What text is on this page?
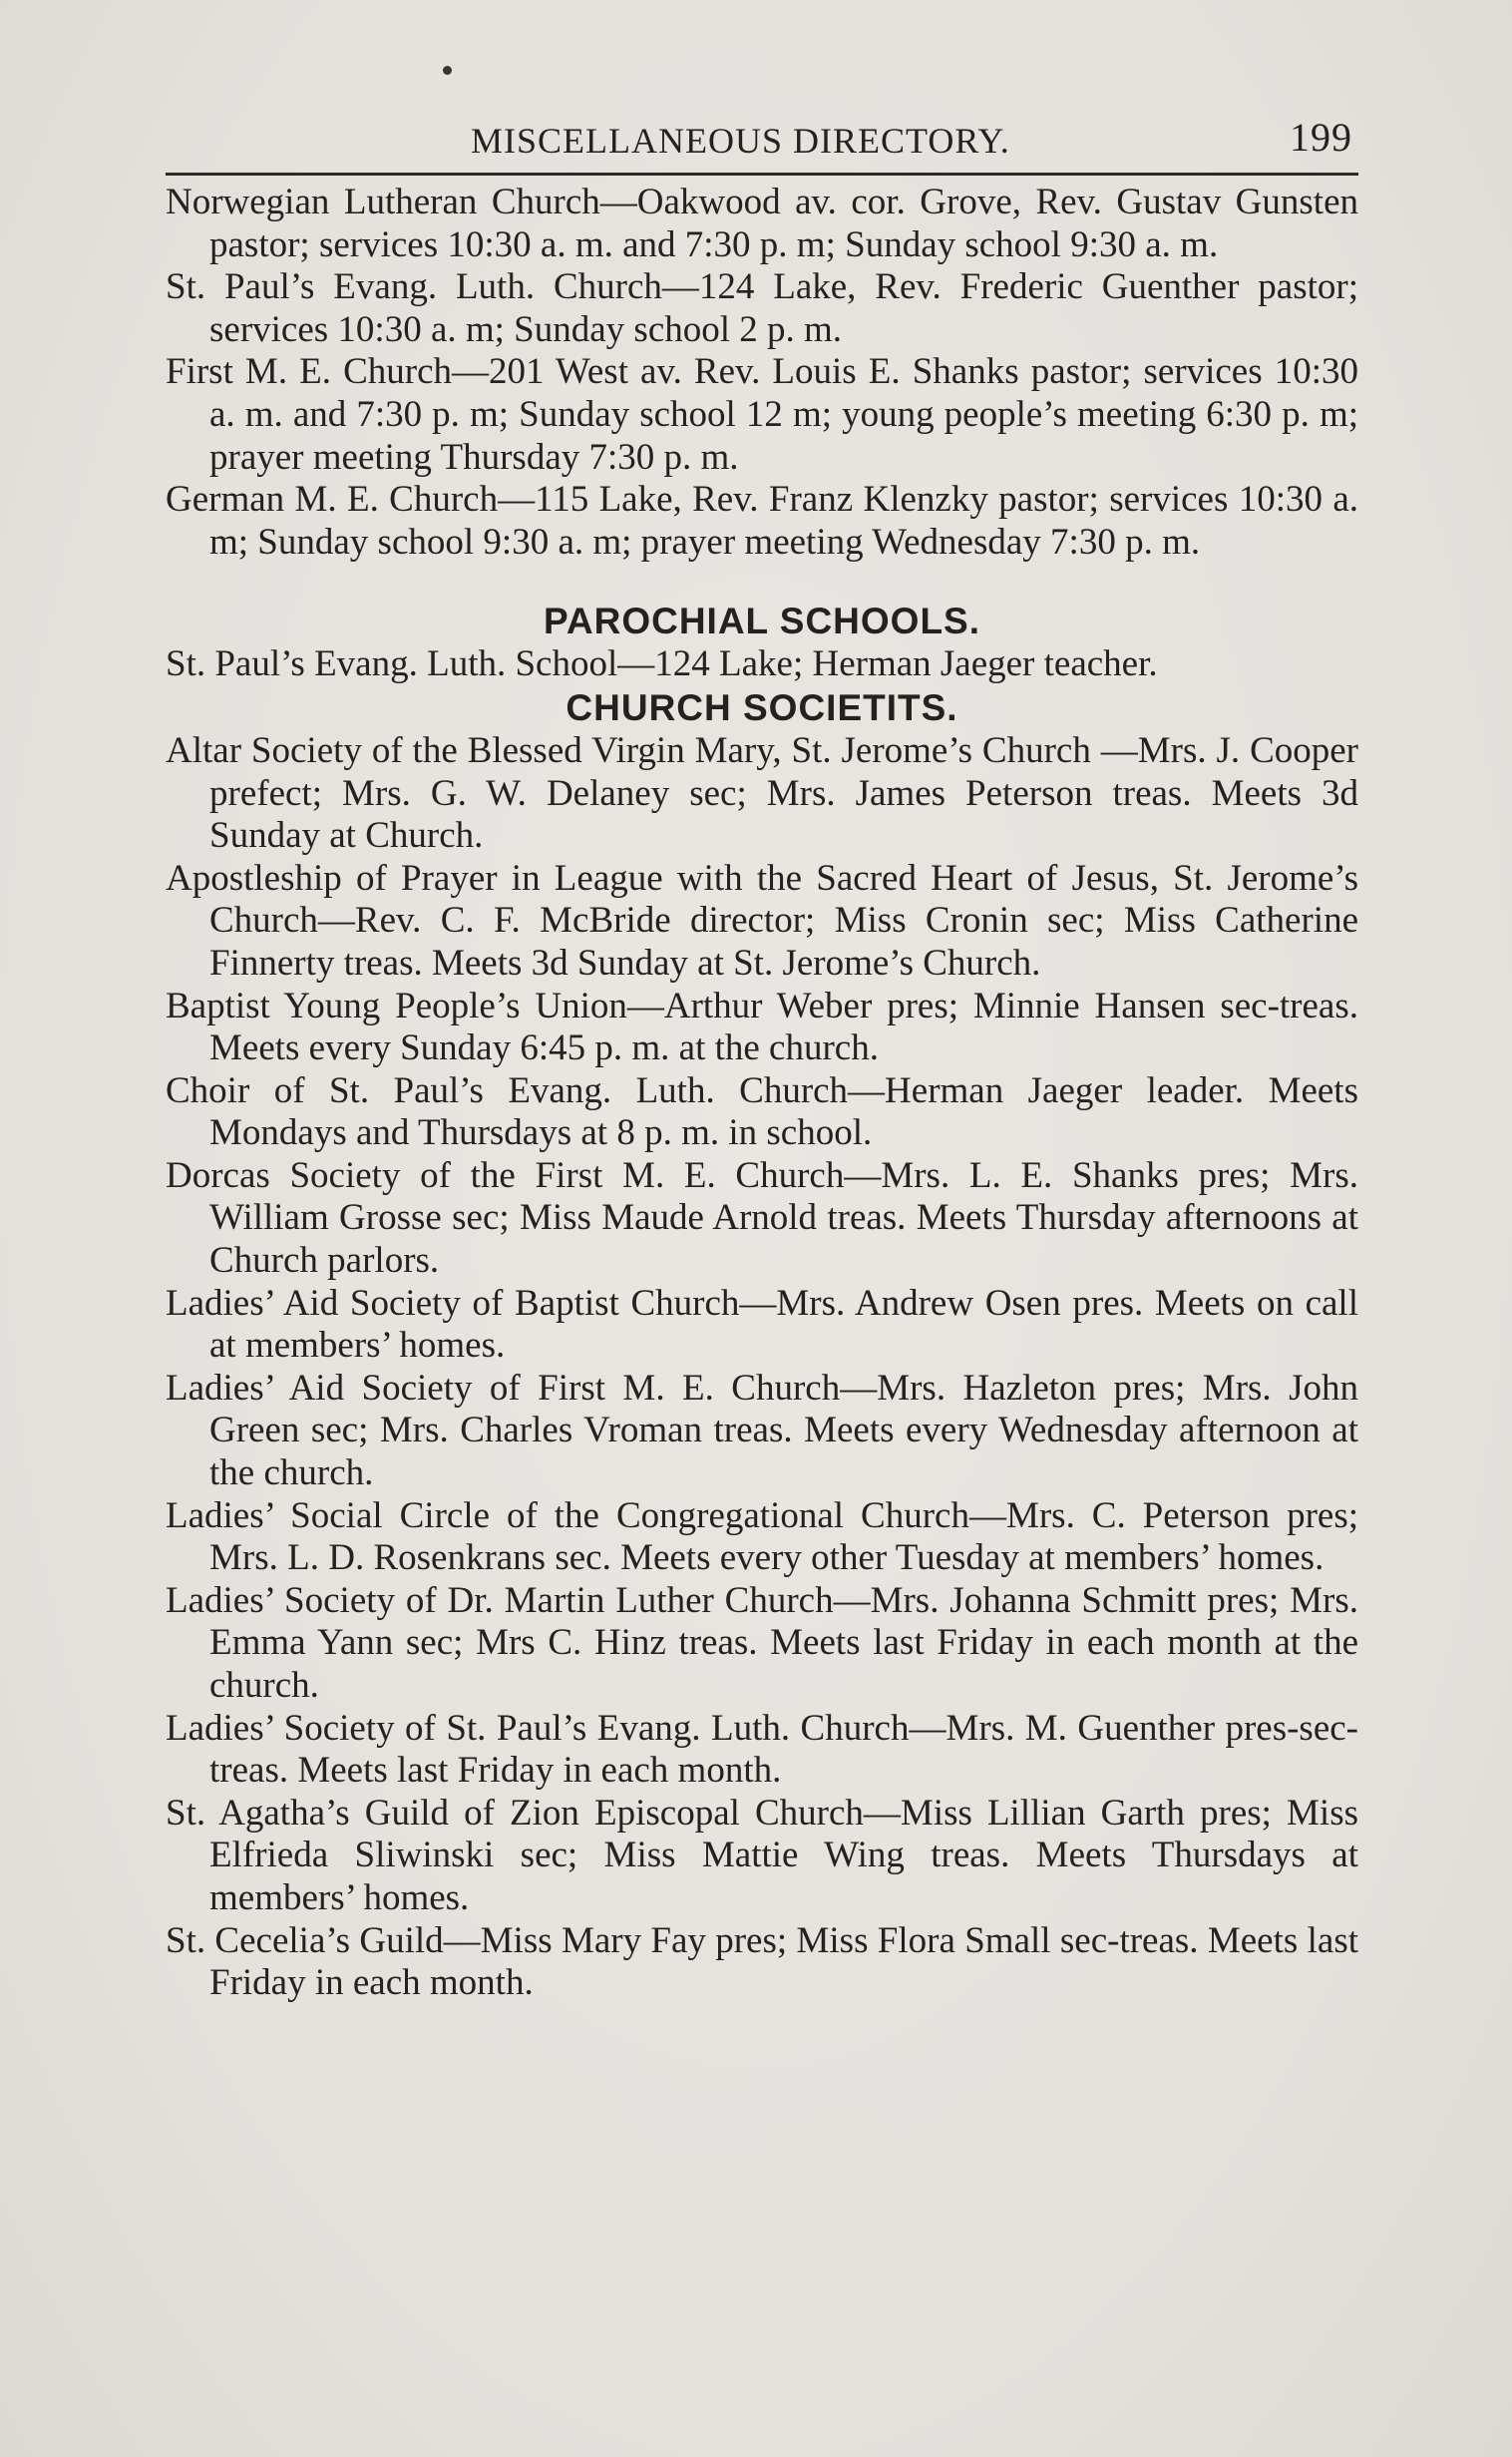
MISCELLANEOUS DIRECTORY.	199

Norwegian Lutheran Church—Oakwood av. cor. Grove, Rev. Gustav Gunsten pastor; services 10:30 a. m. and 7:30 p. m; Sunday school 9:30 a. m.

St. Paul’s Evang. Luth. Church—124 Lake, Rev. Frederic Guenther pastor; services 10:30 a. m; Sunday school 2 p. m.

First M. E. Church—201 West av. Rev. Louis E. Shanks pastor; services 10:30 a. m. and 7:30 p. m; Sunday school 12 m; young people’s meeting 6:30 p. m; prayer meeting Thursday 7:30 p. m.

German M. E. Church—115 Lake, Rev. Franz Klenzky pastor; services 10:30 a. m; Sunday school 9:30 a. m; prayer meeting Wednesday 7:30 p. m.

PAROCHIAL SCHOOLS.

St. Paul’s Evang. Luth. School—124 Lake; Herman Jaeger teacher.

CHURCH SOCIETITS.

Altar Society of the Blessed Virgin Mary, St. Jerome’s Church —Mrs. J. Cooper prefect; Mrs. G. W. Delaney sec; Mrs. James Peterson treas. Meets 3d Sunday at Church.

Apostleship of Prayer in League with the Sacred Heart of Jesus, St. Jerome’s Church—Rev. C. F. McBride director; Miss Cronin sec; Miss Catherine Finnerty treas. Meets 3d Sunday at St. Jerome’s Church.

Baptist Young People’s Union—Arthur Weber pres; Minnie Hansen sec-treas. Meets every Sunday 6:45 p. m. at the church.

Choir of St. Paul’s Evang. Luth. Church—Herman Jaeger leader. Meets Mondays and Thursdays at 8 p. m. in school.

Dorcas Society of the First M. E. Church—Mrs. L. E. Shanks pres; Mrs. William Grosse sec; Miss Maude Arnold treas. Meets Thursday afternoons at Church parlors.

Ladies’ Aid Society of Baptist Church—Mrs. Andrew Osen pres. Meets on call at members’ homes.

Ladies’ Aid Society of First M. E. Church—Mrs. Hazleton pres; Mrs. John Green sec; Mrs. Charles Vroman treas. Meets every Wednesday afternoon at the church.

Ladies’ Social Circle of the Congregational Church—Mrs. C. Peterson pres; Mrs. L. D. Rosenkrans sec. Meets every other Tuesday at members’ homes.

Ladies’ Society of Dr. Martin Luther Church—Mrs. Johanna Schmitt pres; Mrs. Emma Yann sec; Mrs C. Hinz treas. Meets last Friday in each month at the church.

Ladies’ Society of St. Paul’s Evang. Luth. Church—Mrs. M. Guenther pres-sec-treas. Meets last Friday in each month.

St. Agatha’s Guild of Zion Episcopal Church—Miss Lillian Garth pres; Miss Elfrieda Sliwinski sec; Miss Mattie Wing treas. Meets Thursdays at members’ homes.

St. Cecelia’s Guild—Miss Mary Fay pres; Miss Flora Small sec-treas. Meets last Friday in each month.
